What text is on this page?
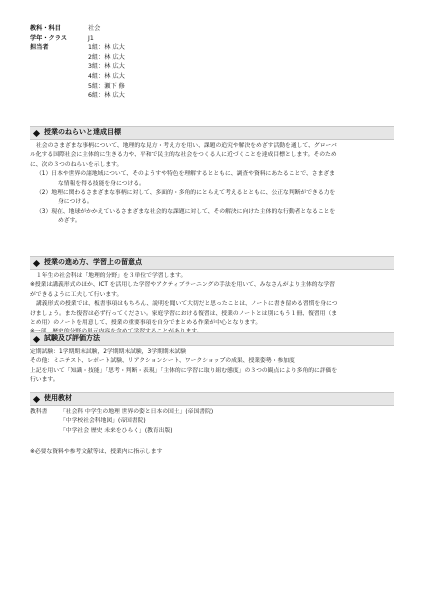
教科・科目	社会
学年・クラス	J1
担当者	1組：林 広大
2組：林 広大
3組：林 広大
4組：林 広大
5組：瀬下 修
6組：林 広大
授業のねらいと達成目標

社会のさまざまな事柄について、地理的な見方・考え方を用い、課題の追究や解決をめざす活動を通して、グローバ

ル化する国際社会に主体的に生きる力や、平和で民主的な社会をつくる人に近づくことを達成目標とします。そのため

に、次の３つのねらいを示します。

（1）日本や世界の諸地域について、そのようすや特色を理解するとともに、調査や資料にあたることで、さまざま

な情報を得る技能を身につける。

（2）地理に関わるさまざまな事柄に対して、多面的・多角的にとらえて考えるとともに、公正な判断ができる力を

身につける。

（3）現在、地球がかかえているさまざまな社会的な課題に対して、その解決に向けた主体的な行動者となることを

めざす。

授業の進め方、学習上の留意点

１年生の社会科は「地理的分野」を３単位で学習します。

※授業は講義形式のほか、ICT を活用した学習やアクティブラーニングの手法を用いて、みなさんがより主体的な学習

ができるように工夫して行います。

講義形式の授業では、板書事項はもちろん、説明を聞いて大切だと思ったことは、ノートに書き留める習慣を身につ

けましょう。また復習は必ず行ってください。家庭学習における復習は、授業のノートとは別にもう１冊、復習用（ま

とめ用）のノートを用意して、授業の重要事項を自分でまとめる作業が中心となります。

試験及び評価方法

定期試験：1学期期末試験，2学期期末試験，3学期期末試験

その他：ミニテスト、レポート試験、リアクションシート、ワークショップの成果、授業姿勢・参加度

上記を用いて「知識・技能」「思考・判断・表現」「主体的に学習に取り組む態度」の３つの観点により多角的に評価を

行います。

使用教材
教科書	「社会科 中学生の地理 世界の姿と日本の国土」(帝国書院)
「中学校社会科地図」(帝国書院)
「中学社会 歴史 未来をひらく」(教育出版)

※必要な資料や参考文献等は、授業内に指示します
